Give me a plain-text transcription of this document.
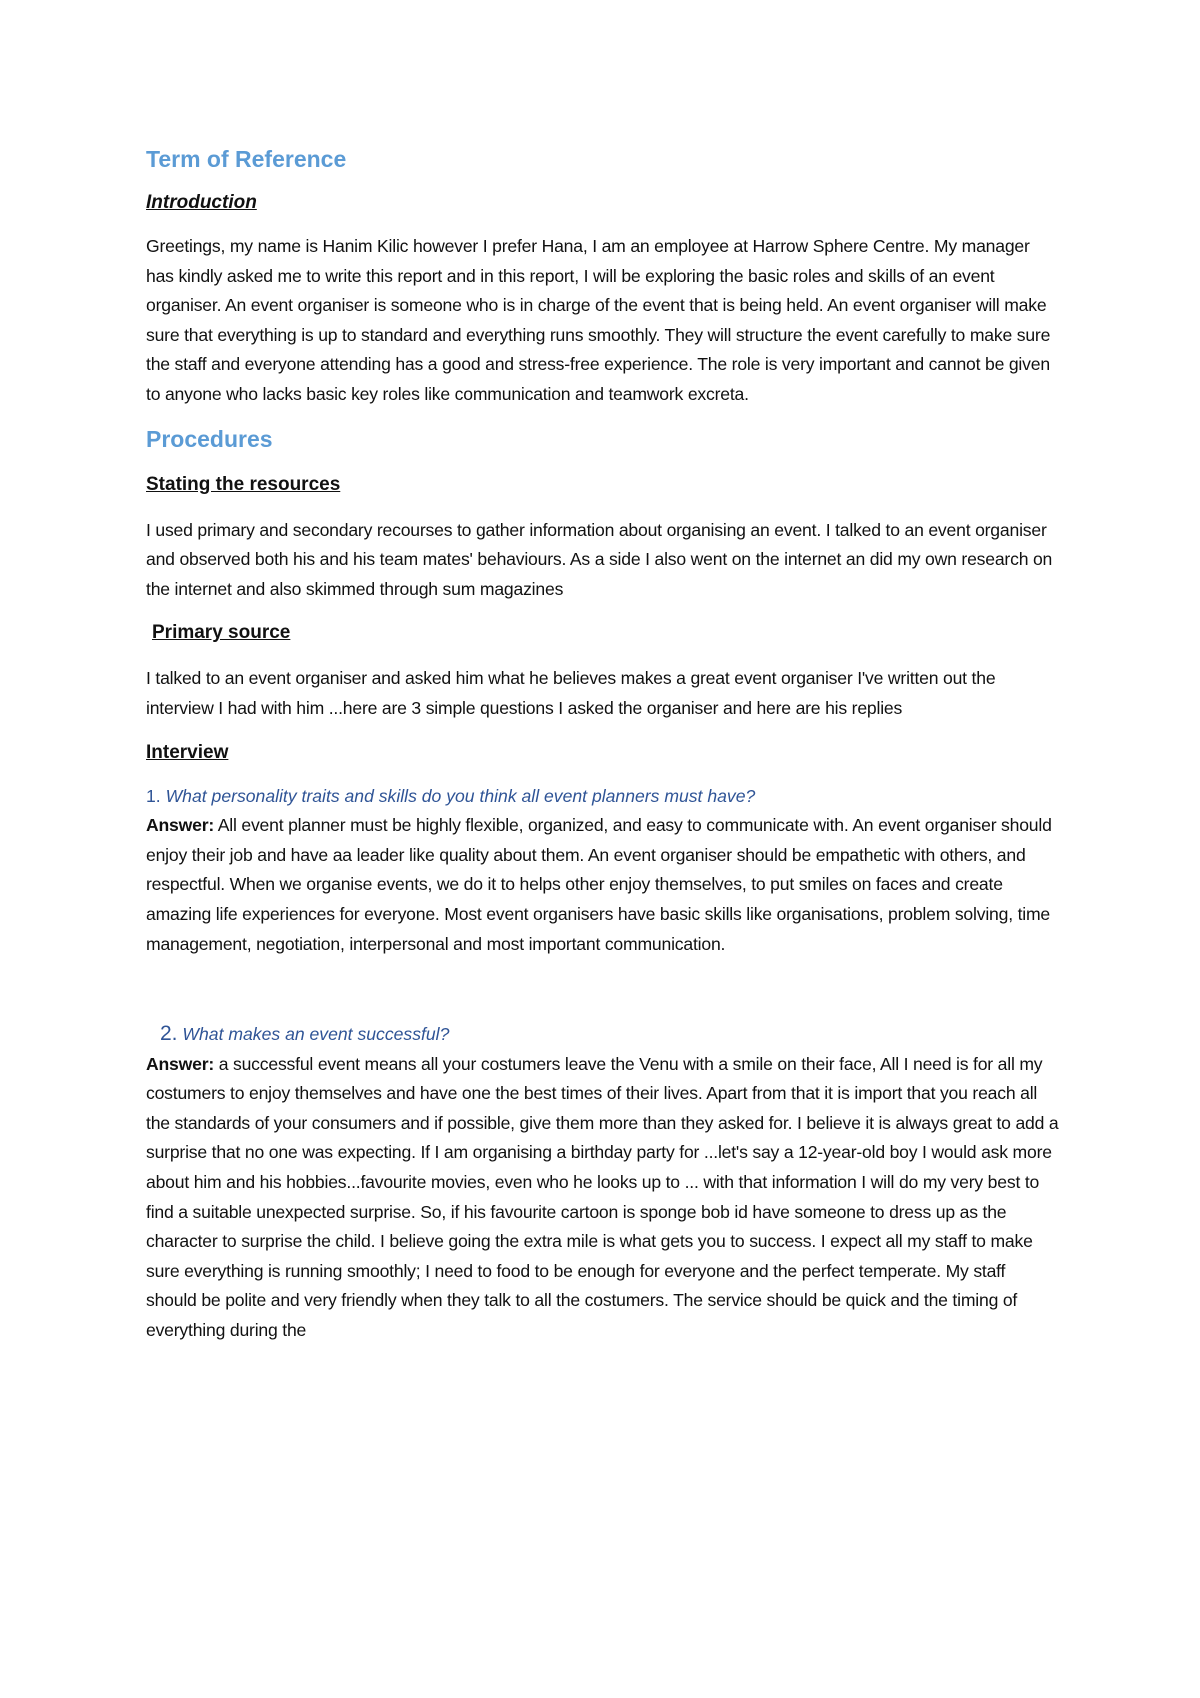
Term of Reference
Introduction

Greetings, my name is Hanim Kilic however I prefer Hana, I am an employee at Harrow Sphere Centre. My manager has kindly asked me to write this report and in this report, I will be exploring the basic roles and skills of an event organiser. An event organiser is someone who is in charge of the event that is being held. An event organiser will make sure that everything is up to standard and everything runs smoothly. They will structure the event carefully to make sure the staff and everyone attending has a good and stress-free experience. The role is very important and cannot be given to anyone who lacks basic key roles like communication and teamwork excreta.

Procedures
Stating the resources

I used primary and secondary recourses to gather information about organising an event. I talked to an event organiser and observed both his and his team mates' behaviours. As a side I also went on the internet an did my own research on the internet and also skimmed through sum magazines

Primary source

I talked to an event organiser and asked him what he believes makes a great event organiser I've written out the interview I had with him ...here are 3 simple questions I asked the organiser and here are his replies

Interview

1. What personality traits and skills do you think all event planners must have?

Answer: All event planner must be highly flexible, organized, and easy to communicate with. An event organiser should enjoy their job and have aa leader like quality about them. An event organiser should be empathetic with others, and respectful. When we organise events, we do it to helps other enjoy themselves, to put smiles on faces and create amazing life experiences for everyone. Most event organisers have basic skills like organisations, problem solving, time management, negotiation, interpersonal and most important communication.

2. What makes an event successful?

Answer: a successful event means all your costumers leave the Venu with a smile on their face, All I need is for all my costumers to enjoy themselves and have one the best times of their lives. Apart from that it is import that you reach all the standards of your consumers and if possible, give them more than they asked for. I believe it is always great to add a surprise that no one was expecting. If I am organising a birthday party for ...let's say a 12-year-old boy I would ask more about him and his hobbies...favourite movies, even who he looks up to ... with that information I will do my very best to find a suitable unexpected surprise. So, if his favourite cartoon is sponge bob id have someone to dress up as the character to surprise the child. I believe going the extra mile is what gets you to success. I expect all my staff to make sure everything is running smoothly; I need to food to be enough for everyone and the perfect temperate. My staff should be polite and very friendly when they talk to all the costumers. The service should be quick and the timing of everything during the
